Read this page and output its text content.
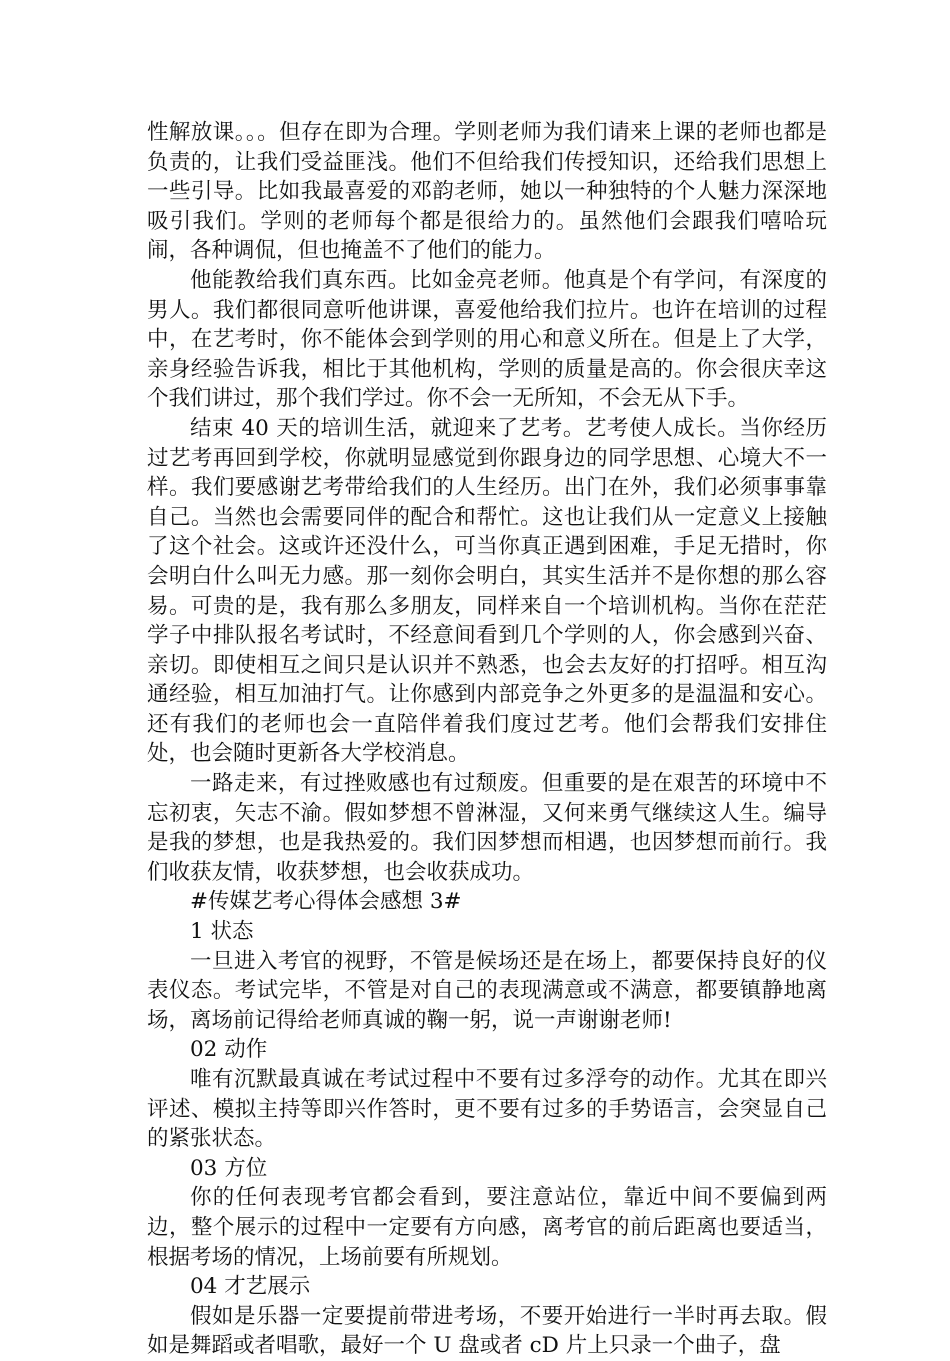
性解放课。。。但存在即为合理。学则老师为我们请来上课的老师也都是负责的，让我们受益匪浅。他们不但给我们传授知识，还给我们思想上一些引导。比如我最喜爱的邓韵老师，她以一种独特的个人魅力深深地吸引我们。学则的老师每个都是很给力的。虽然他们会跟我们嘻哈玩闹，各种调侃，但也掩盖不了他们的能力。

他能教给我们真东西。比如金亮老师。他真是个有学问，有深度的男人。我们都很同意听他讲课，喜爱他给我们拉片。也许在培训的过程中，在艺考时，你不能体会到学则的用心和意义所在。但是上了大学，亲身经验告诉我，相比于其他机构，学则的质量是高的。你会很庆幸这个我们讲过，那个我们学过。你不会一无所知，不会无从下手。

结束 40 天的培训生活，就迎来了艺考。艺考使人成长。当你经历过艺考再回到学校，你就明显感觉到你跟身边的同学思想、心境大不一样。我们要感谢艺考带给我们的人生经历。出门在外，我们必须事事靠自己。当然也会需要同伴的配合和帮忙。这也让我们从一定意义上接触了这个社会。这或许还没什么，可当你真正遇到困难，手足无措时，你会明白什么叫无力感。那一刻你会明白，其实生活并不是你想的那么容易。可贵的是，我有那么多朋友，同样来自一个培训机构。当你在茫茫学子中排队报名考试时，不经意间看到几个学则的人，你会感到兴奋、亲切。即使相互之间只是认识并不熟悉，也会去友好的打招呼。相互沟通经验，相互加油打气。让你感到内部竞争之外更多的是温温和安心。还有我们的老师也会一直陪伴着我们度过艺考。他们会帮我们安排住处，也会随时更新各大学校消息。

一路走来，有过挫败感也有过颓废。但重要的是在艰苦的环境中不忘初衷，矢志不渝。假如梦想不曾淋湿，又何来勇气继续这人生。编导是我的梦想，也是我热爱的。我们因梦想而相遇，也因梦想而前行。我们收获友情，收获梦想，也会收获成功。

#传媒艺考心得体会感想 3#

1 状态

一旦进入考官的视野，不管是候场还是在场上，都要保持良好的仪表仪态。考试完毕，不管是对自己的表现满意或不满意，都要镇静地离场，离场前记得给老师真诚的鞠一躬，说一声谢谢老师!

02 动作

唯有沉默最真诚在考试过程中不要有过多浮夸的动作。尤其在即兴评述、模拟主持等即兴作答时，更不要有过多的手势语言，会突显自己的紧张状态。

03 方位

你的任何表现考官都会看到，要注意站位，靠近中间不要偏到两边，整个展示的过程中一定要有方向感，离考官的前后距离也要适当，根据考场的情况，上场前要有所规划。

04 才艺展示

假如是乐器一定要提前带进考场，不要开始进行一半时再去取。假如是舞蹈或者唱歌，最好一个 U 盘或者 cD 片上只录一个曲子，盘
